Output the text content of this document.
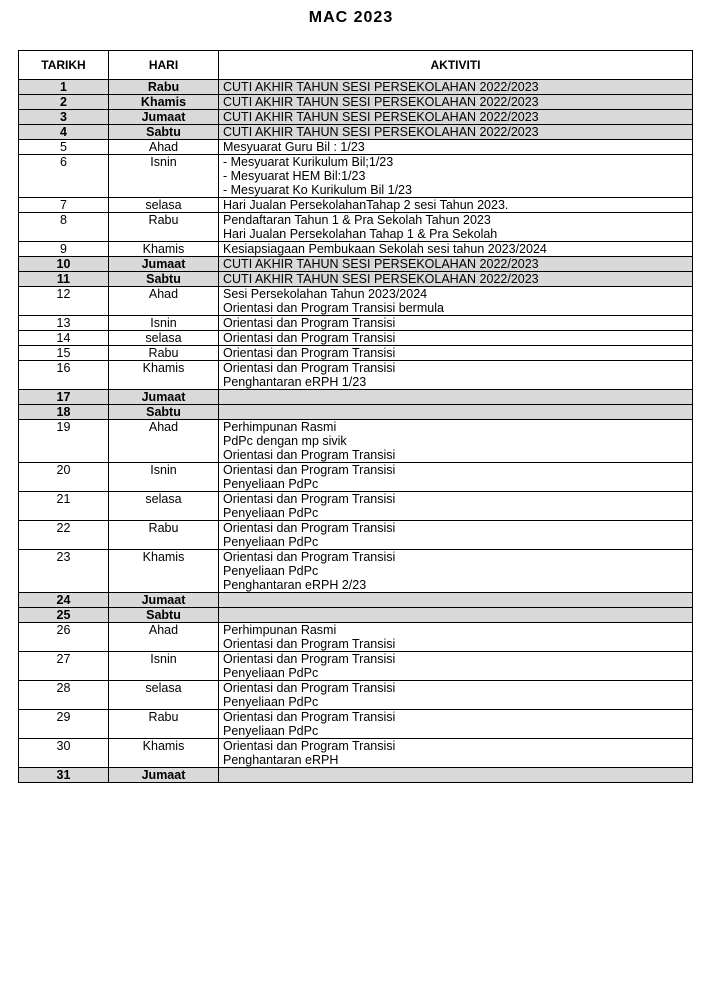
MAC 2023
TARIKH	HARI	AKTIVITI
1	Rabu	CUTI AKHIR TAHUN SESI PERSEKOLAHAN 2022/2023

2	Khamis	CUTI AKHIR TAHUN SESI PERSEKOLAHAN 2022/2023

3	Jumaat	CUTI AKHIR TAHUN SESI PERSEKOLAHAN 2022/2023

4	Sabtu	CUTI AKHIR TAHUN SESI PERSEKOLAHAN 2022/2023

5	Ahad	Mesyuarat Guru Bil : 1/23

6	Isnin	- Mesyuarat Kurikulum Bil;1/23
- Mesyuarat HEM Bil:1/23
- Mesyuarat Ko Kurikulum Bil 1/23

7	selasa	Hari Jualan PersekolahanTahap 2 sesi Tahun 2023.

8	Rabu	Pendaftaran Tahun 1 & Pra Sekolah Tahun 2023
Hari Jualan Persekolahan Tahap 1 & Pra Sekolah

9	Khamis	Kesiapsiagaan Pembukaan Sekolah sesi tahun 2023/2024

10	Jumaat	CUTI AKHIR TAHUN SESI PERSEKOLAHAN 2022/2023

11	Sabtu	CUTI AKHIR TAHUN SESI PERSEKOLAHAN 2022/2023

12	Ahad	Sesi Persekolahan Tahun 2023/2024
Orientasi dan Program Transisi bermula

13	Isnin	Orientasi dan Program Transisi

14	selasa	Orientasi dan Program Transisi

15	Rabu	Orientasi dan Program Transisi

16	Khamis	Orientasi dan Program Transisi
Penghantaran eRPH 1/23

17	Jumaat	

18	Sabtu	

19	Ahad	Perhimpunan Rasmi
PdPc dengan mp sivik
Orientasi dan Program Transisi

20	Isnin	Orientasi dan Program Transisi
Penyeliaan PdPc

21	selasa	Orientasi dan Program Transisi
Penyeliaan PdPc

22	Rabu	Orientasi dan Program Transisi
Penyeliaan PdPc

23	Khamis	Orientasi dan Program Transisi
Penyeliaan PdPc
Penghantaran eRPH 2/23

24	Jumaat	

25	Sabtu	

26	Ahad	Perhimpunan Rasmi
Orientasi dan Program Transisi

27	Isnin	Orientasi dan Program Transisi
Penyeliaan PdPc

28	selasa	Orientasi dan Program Transisi
Penyeliaan PdPc

29	Rabu	Orientasi dan Program Transisi
Penyeliaan PdPc

30	Khamis	Orientasi dan Program Transisi
Penghantaran eRPH

31	Jumaat	
